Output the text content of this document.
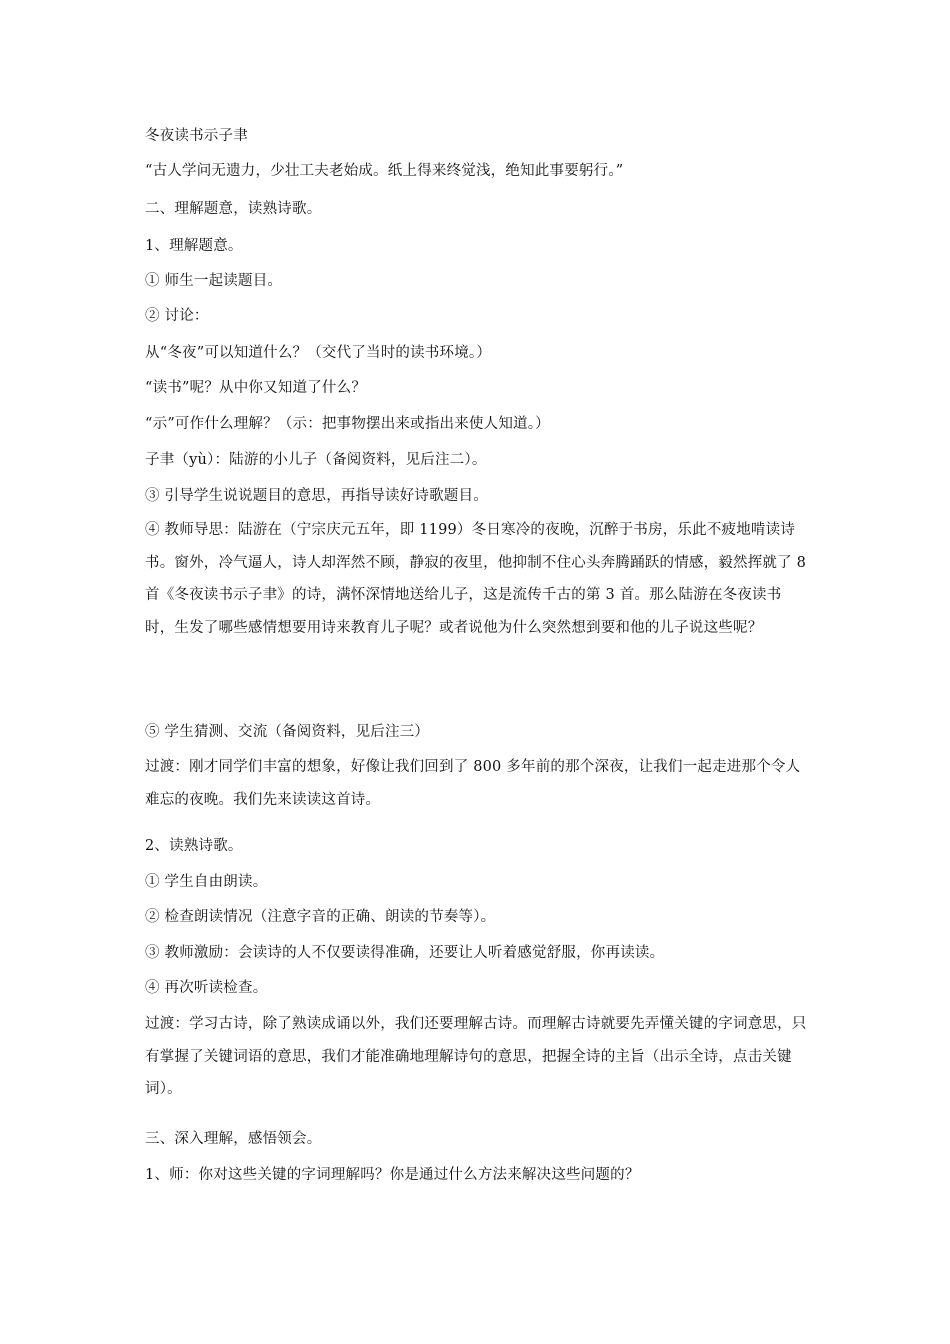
冬夜读书示子聿
“古人学问无遗力，少壮工夫老始成。纸上得来终觉浅，绝知此事要躬行。”
二、理解题意，读熟诗歌。
1、理解题意。
① 师生一起读题目。
② 讨论：
从“冬夜”可以知道什么？（交代了当时的读书环境。）
“读书”呢？从中你又知道了什么？
“示”可作什么理解？（示：把事物摆出来或指出来使人知道。）
子聿（yù）：陆游的小儿子（备阅资料，见后注二）。
③ 引导学生说说题目的意思，再指导读好诗歌题目。
④ 教师导思：陆游在（宁宗庆元五年，即 1199）冬日寒冷的夜晚，沉醉于书房，乐此不疲地啃读诗书。窗外，冷气逼人，诗人却浑然不顾，静寂的夜里，他抑制不住心头奔腾踊跃的情感，毅然挥就了 8 首《冬夜读书示子聿》的诗，满怀深情地送给儿子，这是流传千古的第 3 首。那么陆游在冬夜读书时，生发了哪些感情想要用诗来教育儿子呢？或者说他为什么突然想到要和他的儿子说这些呢？
⑤ 学生猜测、交流（备阅资料，见后注三）
过渡：刚才同学们丰富的想象，好像让我们回到了 800 多年前的那个深夜，让我们一起走进那个令人难忘的夜晚。我们先来读读这首诗。
2、读熟诗歌。
① 学生自由朗读。
② 检查朗读情况（注意字音的正确、朗读的节奏等）。
③ 教师激励：会读诗的人不仅要读得准确，还要让人听着感觉舒服，你再读读。
④ 再次听读检查。
过渡：学习古诗，除了熟读成诵以外，我们还要理解古诗。而理解古诗就要先弄懂关键的字词意思，只有掌握了关键词语的意思，我们才能准确地理解诗句的意思，把握全诗的主旨（出示全诗，点击关键词）。
三、深入理解，感悟领会。
1、师：你对这些关键的字词理解吗？你是通过什么方法来解决这些问题的？
